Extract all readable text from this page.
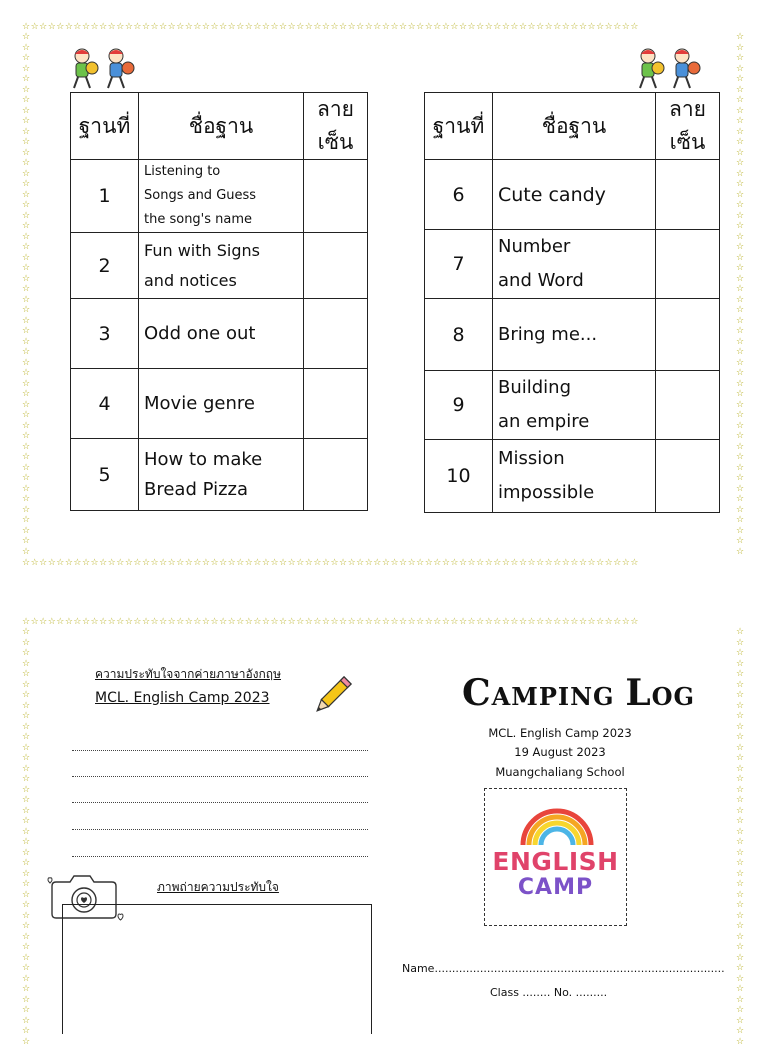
☆☆☆☆☆☆☆☆☆☆☆☆☆☆☆☆☆☆☆☆☆☆☆☆☆☆☆☆☆☆☆☆☆☆☆☆☆☆☆☆☆☆☆☆☆☆☆☆☆☆☆☆☆☆☆☆☆☆☆☆☆☆☆☆☆☆☆☆☆☆☆☆
☆☆☆☆☆☆☆☆☆☆☆☆☆☆☆☆☆☆☆☆☆☆☆☆☆☆☆☆☆☆☆☆☆☆☆☆☆☆☆☆☆☆☆☆☆☆☆☆☆☆☆☆☆☆☆☆☆☆☆☆☆☆☆☆☆☆☆☆☆☆☆☆
☆☆☆☆☆☆☆☆☆☆☆☆☆☆☆☆☆☆☆☆☆☆☆☆☆☆☆☆☆☆☆☆☆☆☆☆☆☆☆☆☆☆☆☆☆☆☆☆☆☆
☆☆☆☆☆☆☆☆☆☆☆☆☆☆☆☆☆☆☆☆☆☆☆☆☆☆☆☆☆☆☆☆☆☆☆☆☆☆☆☆☆☆☆☆☆☆☆☆☆☆
ฐานที่	ชื่อฐาน	ลายเซ็น
1	Listening to
Songs and Guess
the song's name	

2	Fun with Signs
and notices	

3	Odd one out	

4	Movie genre	

5	How to make
Bread Pizza	

ฐานที่	ชื่อฐาน	ลายเซ็น
6	Cute candy	

7	Number
and Word	

8	Bring me...	

9	Building
an empire	

10	Mission
impossible	

☆☆☆☆☆☆☆☆☆☆☆☆☆☆☆☆☆☆☆☆☆☆☆☆☆☆☆☆☆☆☆☆☆☆☆☆☆☆☆☆☆☆☆☆☆☆☆☆☆☆☆☆☆☆☆☆☆☆☆☆☆☆☆☆☆☆☆☆☆☆☆☆
☆☆☆☆☆☆☆☆☆☆☆☆☆☆☆☆☆☆☆☆☆☆☆☆☆☆☆☆☆☆☆☆☆☆☆☆☆☆☆☆
☆☆☆☆☆☆☆☆☆☆☆☆☆☆☆☆☆☆☆☆☆☆☆☆☆☆☆☆☆☆☆☆☆☆☆☆☆☆☆☆
ความประทับใจจากค่ายภาษาอังกฤษ
MCL. English Camp 2023
ภาพถ่ายความประทับใจ
CAMPING LOG
MCL. English Camp 2023
19 August 2023
Muangchaliang School
ENGLISH
CAMP
Name...................................................................................
Class ........ No. .........
